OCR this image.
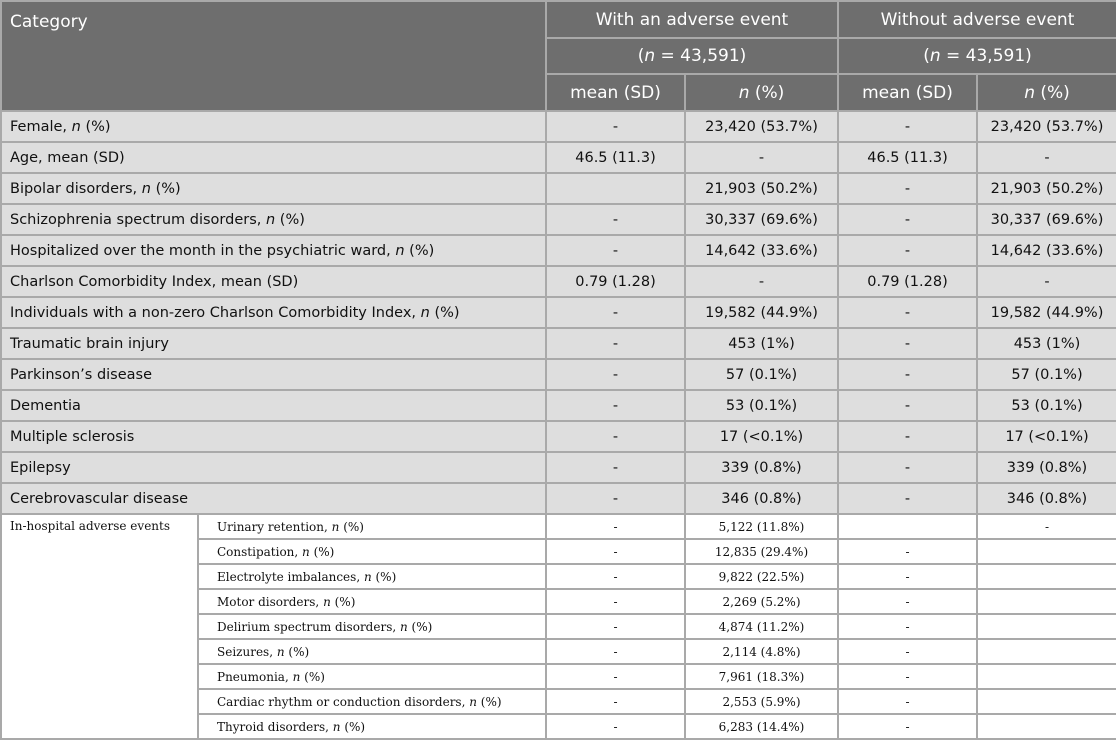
Category		With an adverse event		Without adverse event	
		(n = 43,591)		(n = 43,591)	
		mean (SD)	n (%)	mean (SD)	n (%)
Female, n (%)		-	23,420 (53.7%)	-	23,420 (53.7%)
Age, mean (SD)		46.5 (11.3)	-	46.5 (11.3)	-
Bipolar disorders, n (%)			21,903 (50.2%)	-	21,903 (50.2%)
Schizophrenia spectrum disorders, n (%)		-	30,337 (69.6%)	-	30,337 (69.6%)
Hospitalized over the month in the psychiatric ward, n (%)		-	14,642 (33.6%)	-	14,642 (33.6%)
Charlson Comorbidity Index, mean (SD)		0.79 (1.28)	-	0.79 (1.28)	-
Individuals with a non-zero Charlson Comorbidity Index, n (%)		-	19,582 (44.9%)	-	19,582 (44.9%)
Traumatic brain injury		-	453 (1%)	-	453 (1%)
Parkinson’s disease		-	57 (0.1%)	-	57 (0.1%)
Dementia		-	53 (0.1%)	-	53 (0.1%)
Multiple sclerosis		-	17 (<0.1%)	-	17 (<0.1%)
Epilepsy		-	339 (0.8%)	-	339 (0.8%)
Cerebrovascular disease		-	346 (0.8%)	-	346 (0.8%)
In-hospital adverse events	Urinary retention, n (%)	-	5,122 (11.8%)		-
	Constipation, n (%)	-	12,835 (29.4%)	-	
	Electrolyte imbalances, n (%)	-	9,822 (22.5%)	-	
	Motor disorders, n (%)	-	2,269 (5.2%)	-	
	Delirium spectrum disorders, n (%)	-	4,874 (11.2%)	-	
	Seizures, n (%)	-	2,114 (4.8%)	-	
	Pneumonia, n (%)	-	7,961 (18.3%)	-	
	Cardiac rhythm or conduction disorders, n (%)	-	2,553 (5.9%)	-	
	Thyroid disorders, n (%)	-	6,283 (14.4%)	-	
